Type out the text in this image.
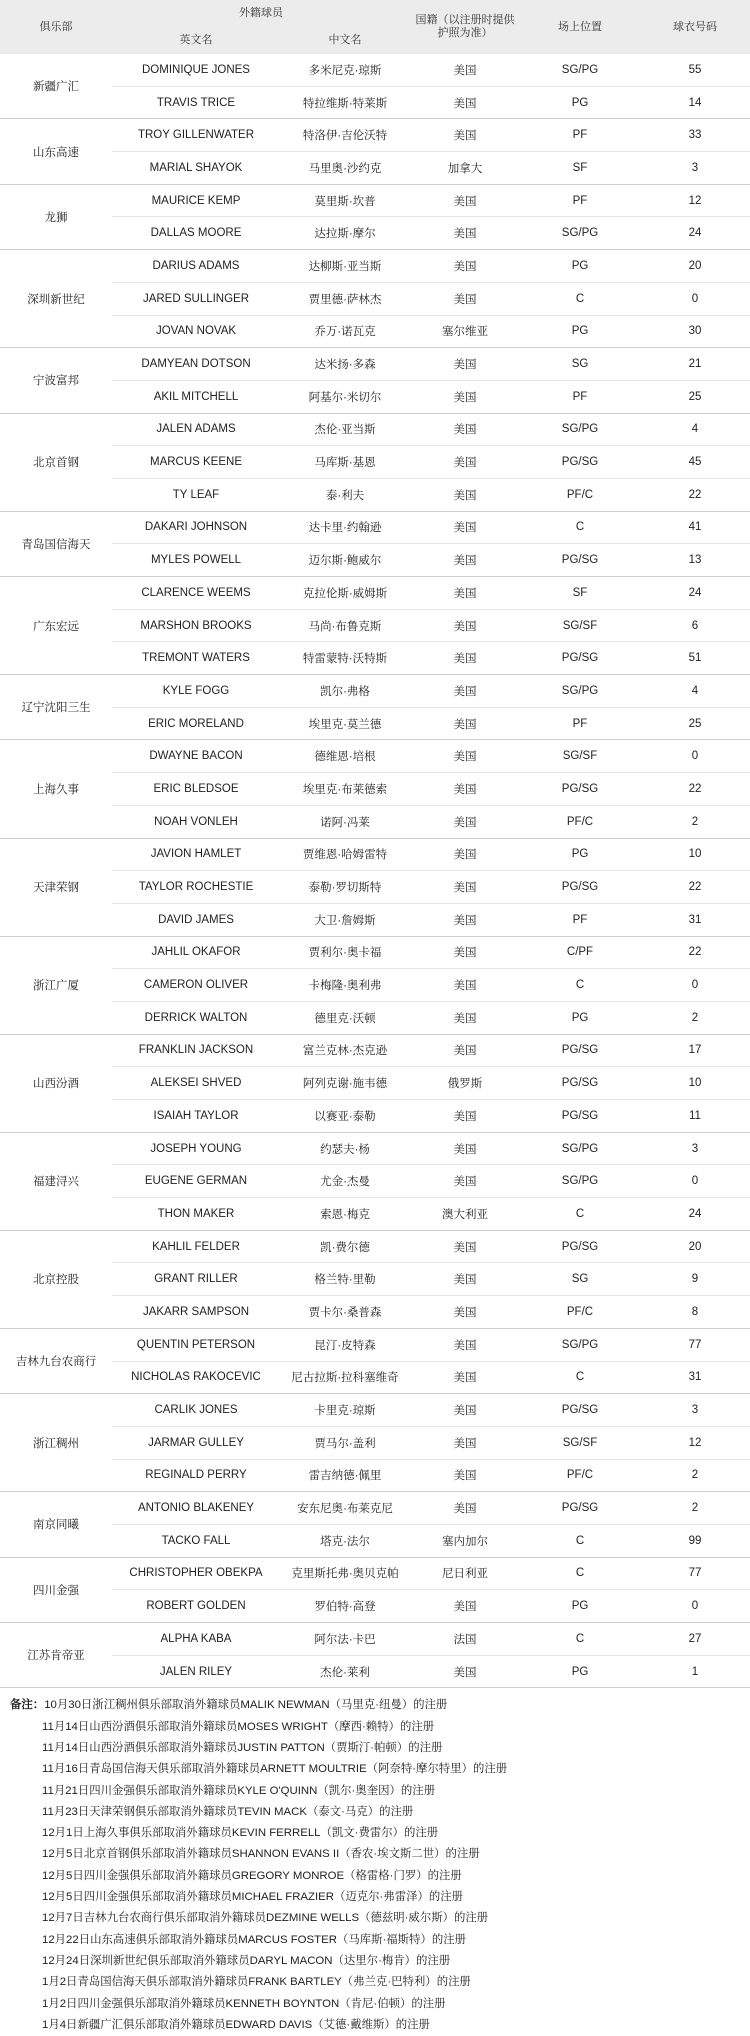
俱乐部	外籍球员		国籍（以注册时提供护照为准）	场上位置	球衣号码
	英文名	中文名			
新疆广汇	DOMINIQUE JONES	多米尼克·琼斯	美国	SG/PG	55
	TRAVIS TRICE	特拉维斯·特莱斯	美国	PG	14
山东高速	TROY GILLENWATER	特洛伊·吉伦沃特	美国	PF	33
	MARIAL SHAYOK	马里奥·沙约克	加拿大	SF	3
龙狮	MAURICE KEMP	莫里斯·坎普	美国	PF	12
	DALLAS MOORE	达拉斯·摩尔	美国	SG/PG	24
深圳新世纪	DARIUS ADAMS	达柳斯·亚当斯	美国	PG	20
	JARED SULLINGER	贾里德·萨林杰	美国	C	0
	JOVAN NOVAK	乔万·诺瓦克	塞尔维亚	PG	30
宁波富邦	DAMYEAN DOTSON	达米扬·多森	美国	SG	21
	AKIL MITCHELL	阿基尔·米切尔	美国	PF	25
北京首钢	JALEN ADAMS	杰伦·亚当斯	美国	SG/PG	4
	MARCUS KEENE	马库斯·基恩	美国	PG/SG	45
	TY LEAF	泰·利夫	美国	PF/C	22
青岛国信海天	DAKARI JOHNSON	达卡里·约翰逊	美国	C	41
	MYLES POWELL	迈尔斯·鲍威尔	美国	PG/SG	13
广东宏远	CLARENCE WEEMS	克拉伦斯·威姆斯	美国	SF	24
	MARSHON BROOKS	马尚·布鲁克斯	美国	SG/SF	6
	TREMONT WATERS	特雷蒙特·沃特斯	美国	PG/SG	51
辽宁沈阳三生	KYLE FOGG	凯尔·弗格	美国	SG/PG	4
	ERIC MORELAND	埃里克·莫兰德	美国	PF	25
上海久事	DWAYNE BACON	德维恩·培根	美国	SG/SF	0
	ERIC BLEDSOE	埃里克·布莱德索	美国	PG/SG	22
	NOAH VONLEH	诺阿·冯莱	美国	PF/C	2
天津荣钢	JAVION HAMLET	贾维恩·哈姆雷特	美国	PG	10
	TAYLOR ROCHESTIE	泰勒·罗切斯特	美国	PG/SG	22
	DAVID JAMES	大卫·詹姆斯	美国	PF	31
浙江广厦	JAHLIL OKAFOR	贾利尔·奥卡福	美国	C/PF	22
	CAMERON OLIVER	卡梅隆·奥利弗	美国	C	0
	DERRICK WALTON	德里克·沃顿	美国	PG	2
山西汾酒	FRANKLIN JACKSON	富兰克林·杰克逊	美国	PG/SG	17
	ALEKSEI SHVED	阿列克谢·施韦德	俄罗斯	PG/SG	10
	ISAIAH TAYLOR	以赛亚·泰勒	美国	PG/SG	11
福建浔兴	JOSEPH YOUNG	约瑟夫·杨	美国	SG/PG	3
	EUGENE GERMAN	尤金·杰曼	美国	SG/PG	0
	THON MAKER	索恩·梅克	澳大利亚	C	24
北京控股	KAHLIL FELDER	凯·费尔德	美国	PG/SG	20
	GRANT RILLER	格兰特·里勒	美国	SG	9
	JAKARR SAMPSON	贾卡尔·桑普森	美国	PF/C	8
吉林九台农商行	QUENTIN PETERSON	昆汀·皮特森	美国	SG/PG	77
	NICHOLAS RAKOCEVIC	尼古拉斯·拉科塞维奇	美国	C	31
浙江稠州	CARLIK JONES	卡里克·琼斯	美国	PG/SG	3
	JARMAR GULLEY	贾马尔·盖利	美国	SG/SF	12
	REGINALD PERRY	雷吉纳德·佩里	美国	PF/C	2
南京同曦	ANTONIO BLAKENEY	安东尼奥·布莱克尼	美国	PG/SG	2
	TACKO FALL	塔克·法尔	塞内加尔	C	99
四川金强	CHRISTOPHER OBEKPA	克里斯托弗·奥贝克帕	尼日利亚	C	77
	ROBERT GOLDEN	罗伯特·高登	美国	PG	0
江苏肯帝亚	ALPHA KABA	阿尔法·卡巴	法国	C	27
	JALEN RILEY	杰伦·莱利	美国	PG	1
备注：10月30日浙江稠州俱乐部取消外籍球员MALIK NEWMAN（马里克·纽曼）的注册
11月14日山西汾酒俱乐部取消外籍球员MOSES WRIGHT（摩西·赖特）的注册
11月14日山西汾酒俱乐部取消外籍球员JUSTIN PATTON（贾斯汀·帕顿）的注册
11月16日青岛国信海天俱乐部取消外籍球员ARNETT MOULTRIE（阿奈特·摩尔特里）的注册
11月21日四川金强俱乐部取消外籍球员KYLE O'QUINN（凯尔·奥奎因）的注册
11月23日天津荣钢俱乐部取消外籍球员TEVIN MACK（泰文·马克）的注册
12月1日上海久事俱乐部取消外籍球员KEVIN FERRELL（凯文·费雷尔）的注册
12月5日北京首钢俱乐部取消外籍球员SHANNON EVANS II（香农·埃文斯二世）的注册
12月5日四川金强俱乐部取消外籍球员GREGORY MONROE（格雷格·门罗）的注册
12月5日四川金强俱乐部取消外籍球员MICHAEL FRAZIER（迈克尔·弗雷泽）的注册
12月7日吉林九台农商行俱乐部取消外籍球员DEZMINE WELLS（德兹明·威尔斯）的注册
12月22日山东高速俱乐部取消外籍球员MARCUS FOSTER（马库斯·福斯特）的注册
12月24日深圳新世纪俱乐部取消外籍球员DARYL MACON（达里尔·梅肯）的注册
1月2日青岛国信海天俱乐部取消外籍球员FRANK BARTLEY（弗兰克·巴特利）的注册
1月2日四川金强俱乐部取消外籍球员KENNETH BOYNTON（肯尼·伯顿）的注册
1月4日新疆广汇俱乐部取消外籍球员EDWARD DAVIS（艾德·戴维斯）的注册
